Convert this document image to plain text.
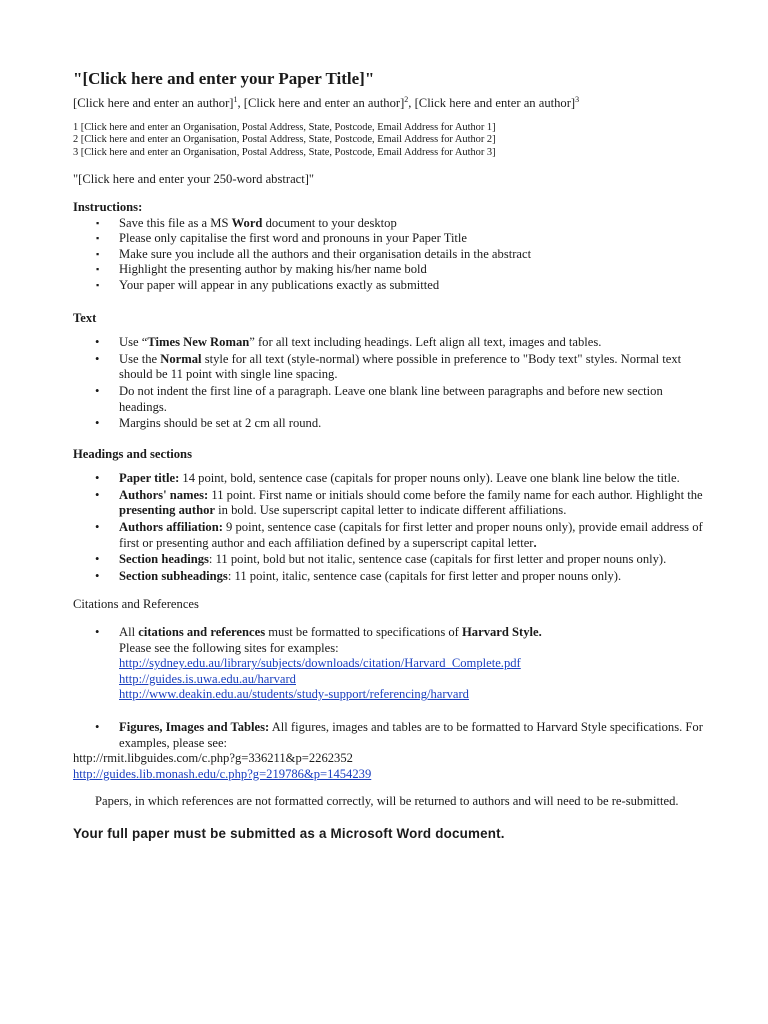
"[Click here and enter your Paper Title]"
[Click here and enter an author]$^1$, [Click here and enter an author]$^2$, [Click here and enter an author]$^3$
1 [Click here and enter an Organisation, Postal Address, State, Postcode, Email Address for Author 1]
2 [Click here and enter an Organisation, Postal Address, State, Postcode, Email Address for Author 2]
3 [Click here and enter an Organisation, Postal Address, State, Postcode, Email Address for Author 3]
"[Click here and enter your 250-word abstract]"
Instructions:
▪ Save this file as a MS Word document to your desktop
▪ Please only capitalise the first word and pronouns in your Paper Title
▪ Make sure you include all the authors and their organisation details in the abstract
▪ Highlight the presenting author by making his/her name bold
▪ Your paper will appear in any publications exactly as submitted
Text
• Use “Times New Roman” for all text including headings. Left align all text, images and tables.
• Use the Normal style for all text (style-normal) where possible in preference to "Body text" styles. Normal text should be 11 point with single line spacing.
• Do not indent the first line of a paragraph. Leave one blank line between paragraphs and before new section headings.
• Margins should be set at 2 cm all round.
Headings and sections
• Paper title: 14 point, bold, sentence case (capitals for proper nouns only). Leave one blank line below the title.
• Authors' names: 11 point. First name or initials should come before the family name for each author. Highlight the presenting author in bold. Use superscript capital letter to indicate different affiliations.
• Authors affiliation: 9 point, sentence case (capitals for first letter and proper nouns only), provide email address of first or presenting author and each affiliation defined by a superscript capital letter.
• Section headings: 11 point, bold but not italic, sentence case (capitals for first letter and proper nouns only).
• Section subheadings: 11 point, italic, sentence case (capitals for first letter and proper nouns only).
Citations and References
• All citations and references must be formatted to specifications of Harvard Style.
Please see the following sites for examples:
http://sydney.edu.au/library/subjects/downloads/citation/Harvard_Complete.pdf
http://guides.is.uwa.edu.au/harvard
http://www.deakin.edu.au/students/study-support/referencing/harvard
• Figures, Images and Tables: All figures, images and tables are to be formatted to Harvard Style specifications. For examples, please see:
http://rmit.libguides.com/c.php?g=336211&p=2262352
http://guides.lib.monash.edu/c.php?g=219786&p=1454239
Papers, in which references are not formatted correctly, will be returned to authors and will need to be re-submitted.
Your full paper must be submitted as a Microsoft Word document.
